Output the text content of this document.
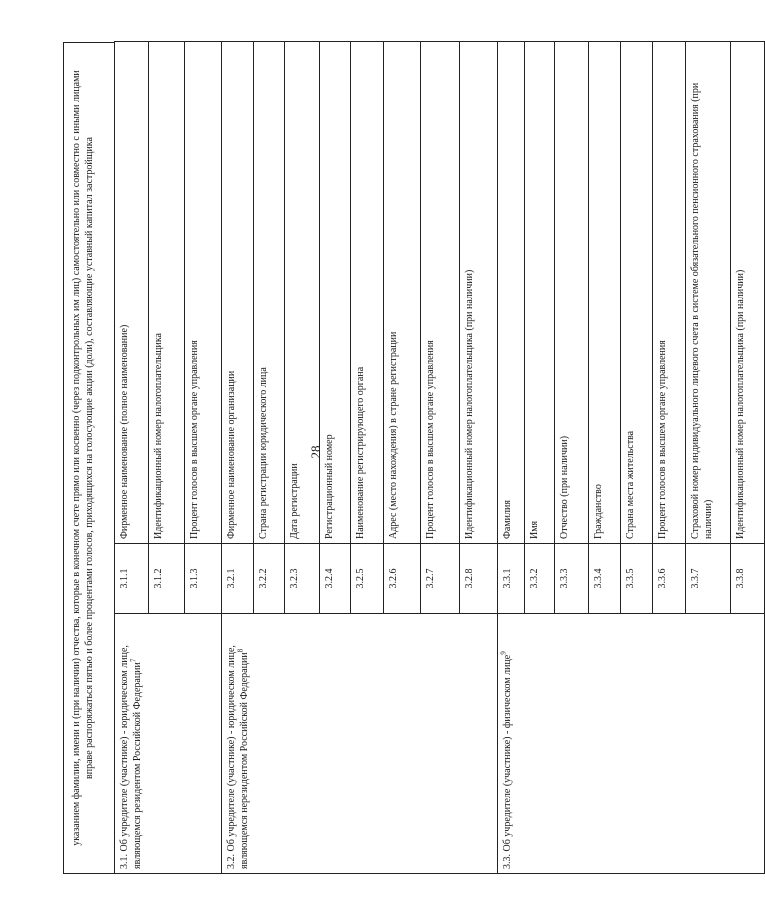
28
указанием фамилии, имени и (при наличии) отчества, которые в конечном счете прямо или косвенно (через подконтрольных им лиц) самостоятельно или совместно с иными лицами вправе распоряжаться пятью и более процентами голосов, приходящихся на голосующие акции (доли), составляющие уставный капитал застройщика	3.1. Об учредителе (участнике) - юридическом лице, являющемся резидентом Российской Федерации$^7$	3.1.1	Фирменное наименование (полное наименование)
	3.1.2	Идентификационный номер налогоплательщика
	3.1.3	Процент голосов в высшем органе управления
3.2. Об учредителе (участнике) - юридическом лице, являющемся нерезидентом Российской Федерации$^8$	3.2.1	Фирменное наименование организации
	3.2.2	Страна регистрации юридического лица
	3.2.3	Дата регистрации
	3.2.4	Регистрационный номер
	3.2.5	Наименование регистрирующего органа
	3.2.6	Адрес (место нахождения) в стране регистрации
	3.2.7	Процент голосов в высшем органе управления
	3.2.8	Идентификационный номер налогоплательщика (при наличии)
3.3. Об учредителе (участнике) - физическом лице$^9$	3.3.1	Фамилия
	3.3.2	Имя
	3.3.3	Отчество (при наличии)
	3.3.4	Гражданство
	3.3.5	Страна места жительства
	3.3.6	Процент голосов в высшем органе управления
	3.3.7	Страховой номер индивидуального лицевого счета в системе обязательного пенсионного страхования (при наличии)
	3.3.8	Идентификационный номер налогоплательщика (при наличии)
